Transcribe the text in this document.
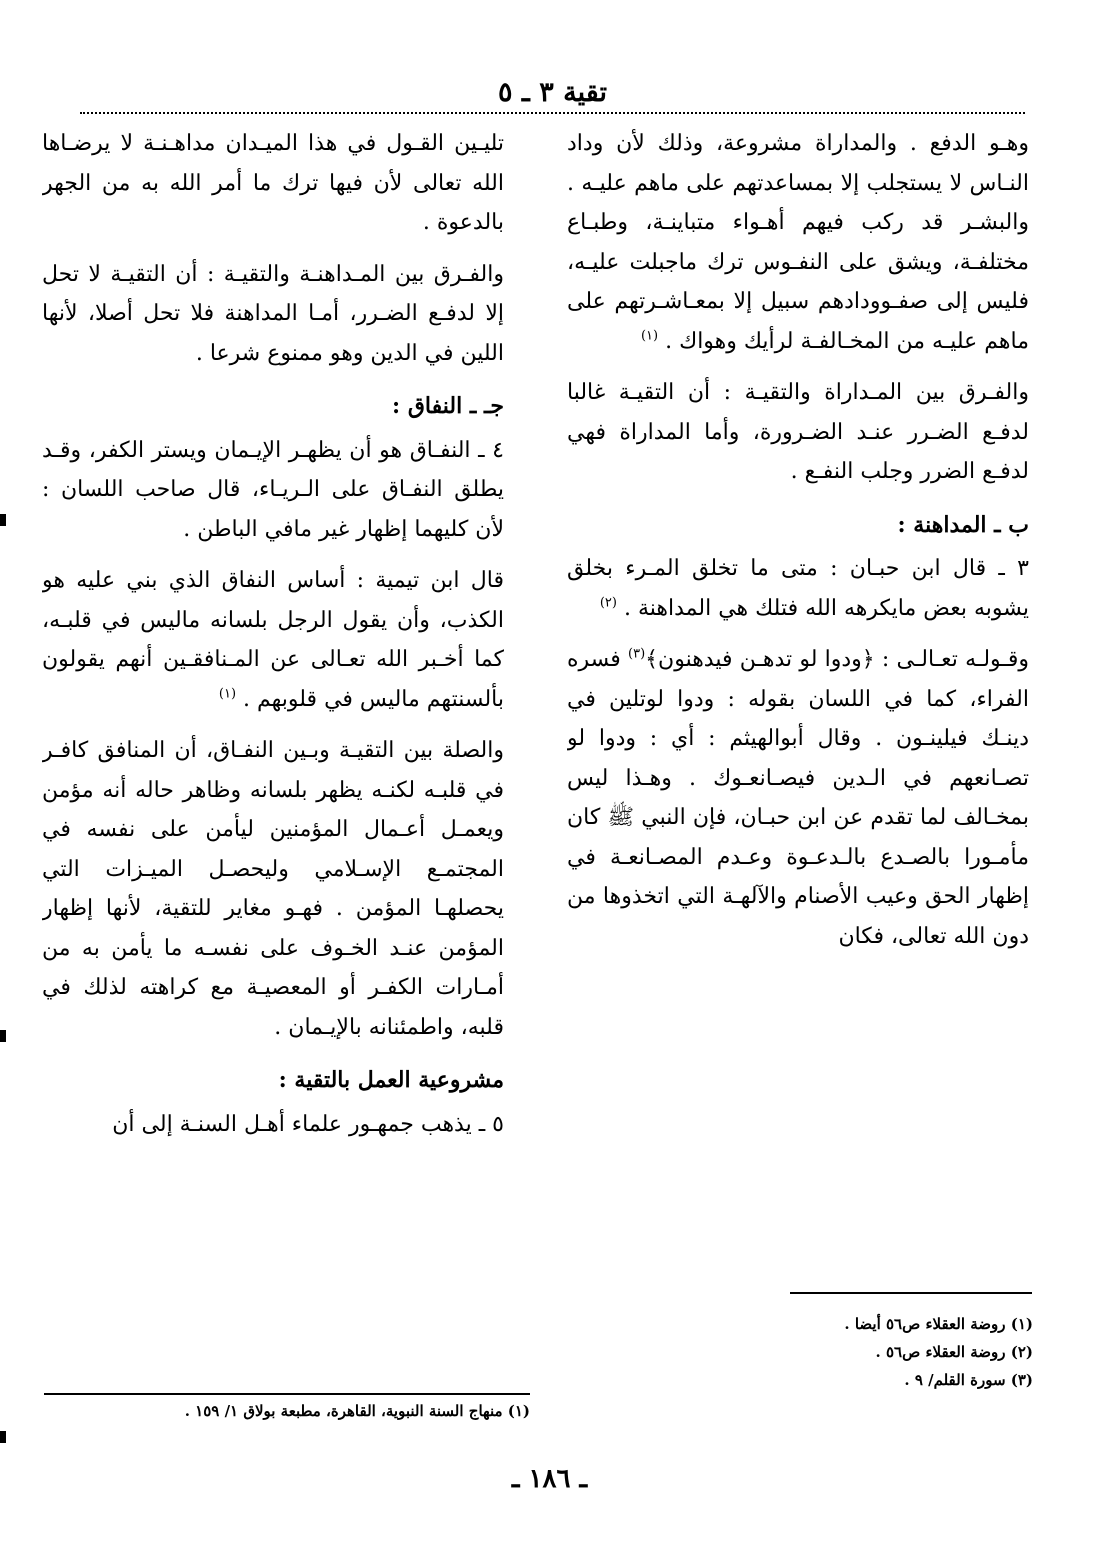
تقية ٣ ـ ٥

وهـو الدفع . والمداراة مشروعة، وذلك لأن وداد النـاس لا يستجلب إلا بمساعدتهم على ماهم عليـه . والبشـر قد ركب فيهم أهـواء متباينـة، وطبـاع مختلفـة، ويشق على النفـوس ترك ماجبلت عليـه، فليس إلى صفـوودادهم سبيل إلا بمعـاشـرتهم على ماهم عليـه من المخـالفـة لرأيك وهواك . $^{(١)}$

والفـرق بين المـداراة والتقيـة : أن التقيـة غالبا لدفـع الضـرر عنـد الضـرورة، وأما المداراة فهي لدفـع الضرر وجلب النفـع .

ب ـ المداهنة :

٣ ـ قال ابن حبـان : متى ما تخلق المـرء بخلق يشوبه بعض مايكرهه الله فتلك هي المداهنة . $^{(٢)}$

وقـولـه تعـالـى : ﴿ودوا لو تدهـن فيدهنون﴾$^{(٣)}$ فسره الفراء، كما في اللسان بقوله : ودوا لوتلين في دينـك فيلينـون . وقال أبوالهيثم : أي : ودوا لو تصـانعهم في الـدين فيصـانعـوك . وهـذا ليس بمخـالف لما تقدم عن ابن حبـان، فإن النبي ﷺ كان مأمـورا بالصـدع بالـدعـوة وعـدم المصـانعـة في إظهار الحق وعيب الأصنام والآلهـة التي اتخذوها من دون الله تعالى، فكان

تليـين القـول في هذا الميـدان مداهـنـة لا يرضـاها الله تعالى لأن فيها ترك ما أمر الله به من الجهر بالدعوة .

والفـرق بين المـداهنـة والتقيـة : أن التقيـة لا تحل إلا لدفـع الضـرر، أمـا المداهنة فلا تحل أصلا، لأنها اللين في الدين وهو ممنوع شرعا .

جـ ـ النفاق :

٤ ـ النفـاق هو أن يظهـر الإيـمان ويستر الكفر، وقـد يطلق النفـاق على الـريـاء، قال صاحب اللسان : لأن كليهما إظهار غير مافي الباطن .

قال ابن تيمية : أساس النفاق الذي بني عليه هو الكذب، وأن يقول الرجل بلسانه ماليس في قلبـه، كما أخـبر الله تعـالى عن المـنافقـين أنهم يقولون بألسنتهم ماليس في قلوبهم . $^{(١)}$

والصلة بين التقيـة وبـين النفـاق، أن المنافق كافـر في قلبـه لكنـه يظهر بلسانه وظاهر حاله أنه مؤمن ويعمـل أعـمال المؤمنين ليأمن على نفسه في المجتمـع الإسـلامي وليحصـل الميـزات التي يحصلهـا المؤمن . فهـو مغاير للتقية، لأنها إظهار المؤمن عنـد الخـوف على نفسـه ما يأمن به من أمـارات الكفـر أو المعصيـة مع كراهته لذلك في قلبه، واطمئنانه بالإيـمان .

مشروعية العمل بالتقية :

٥ ـ يذهب جمهـور علماء أهـل السنـة إلى أن

(١) روضة العقلاء ص٥٦ أيضا .
(٢) روضة العقلاء ص٥٦ .
(٣) سورة القلم/ ٩ .
(١) منهاج السنة النبوية، القاهرة، مطبعة بولاق ١/ ١٥٩ .
ـ ١٨٦ ـ
